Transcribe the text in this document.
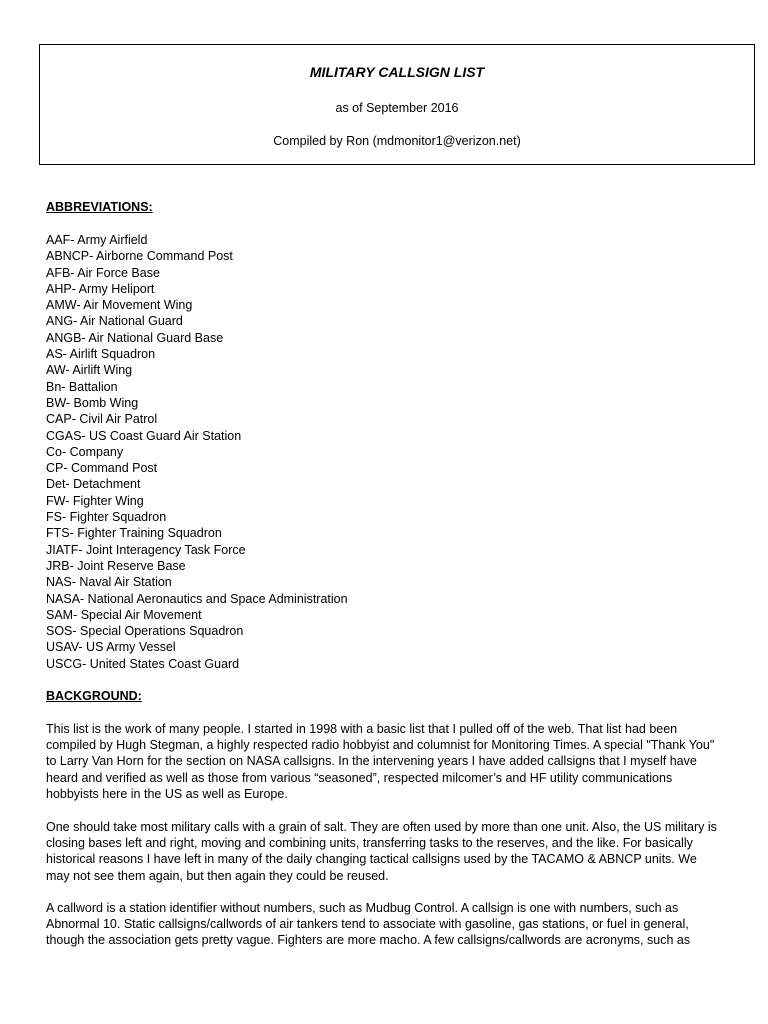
MILITARY CALLSIGN LIST

as of September 2016

Compiled by Ron (mdmonitor1@verizon.net)

ABBREVIATIONS:

AAF- Army Airfield
ABNCP- Airborne Command Post
AFB- Air Force Base
AHP- Army Heliport
AMW- Air Movement Wing
ANG- Air National Guard
ANGB- Air National Guard Base
AS- Airlift Squadron
AW- Airlift Wing
Bn- Battalion
BW- Bomb Wing
CAP- Civil Air Patrol
CGAS- US Coast Guard Air Station
Co- Company
CP- Command Post
Det- Detachment
FW- Fighter Wing
FS- Fighter Squadron
FTS- Fighter Training Squadron
JIATF- Joint Interagency Task Force
JRB- Joint Reserve Base
NAS- Naval Air Station
NASA- National Aeronautics and Space Administration
SAM- Special Air Movement
SOS- Special Operations Squadron
USAV- US Army Vessel
USCG- United States Coast Guard

BACKGROUND:

This list is the work of many people. I started in 1998 with a basic list that I pulled off of the web. That list had been compiled by Hugh Stegman, a highly respected radio hobbyist and columnist for Monitoring Times. A special "Thank You" to Larry Van Horn for the section on NASA callsigns. In the intervening years I have added callsigns that I myself have heard and verified as well as those from various “seasoned”, respected milcomer’s and HF utility communications hobbyists here in the US as well as Europe.

One should take most military calls with a grain of salt. They are often used by more than one unit. Also, the US military is closing bases left and right, moving and combining units, transferring tasks to the reserves, and the like. For basically historical reasons I have left in many of the daily changing tactical callsigns used by the TACAMO & ABNCP units. We may not see them again, but then again they could be reused.

A callword is a station identifier without numbers, such as Mudbug Control. A callsign is one with numbers, such as Abnormal 10. Static callsigns/callwords of air tankers tend to associate with gasoline, gas stations, or fuel in general, though the association gets pretty vague. Fighters are more macho. A few callsigns/callwords are acronyms, such as
